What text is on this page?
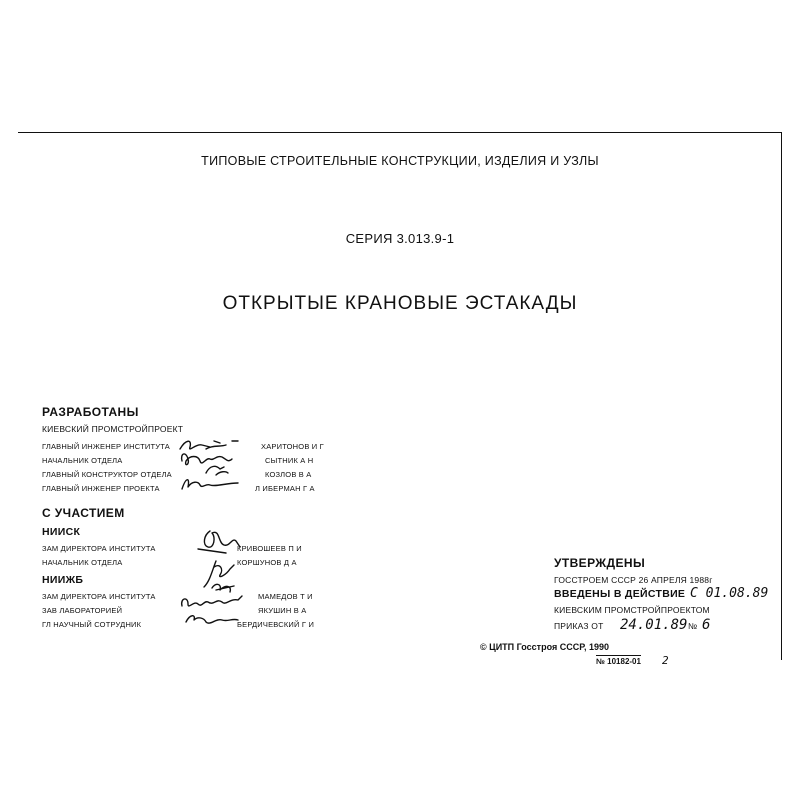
ТИПОВЫЕ СТРОИТЕЛЬНЫЕ КОНСТРУКЦИИ, ИЗДЕЛИЯ И УЗЛЫ
СЕРИЯ 3.013.9-1
ОТКРЫТЫЕ КРАНОВЫЕ ЭСТАКАДЫ
РАЗРАБОТАНЫ
КИЕВСКИЙ ПРОМСТРОЙПРОЕКТ
ГЛАВНЫЙ ИНЖЕНЕР ИНСТИТУТА	ХАРИТОНОВ И Г
НАЧАЛЬНИК ОТДЕЛА	СЫТНИК А Н
ГЛАВНЫЙ КОНСТРУКТОР ОТДЕЛА	КОЗЛОВ В А
ГЛАВНЫЙ ИНЖЕНЕР ПРОЕКТА	Л ИБЕРМАН Г А
С УЧАСТИЕМ
НИИСК
ЗАМ ДИРЕКТОРА ИНСТИТУТА	КРИВОШЕЕВ П И
НАЧАЛЬНИК ОТДЕЛА	КОРШУНОВ Д А
НИИЖБ
ЗАМ ДИРЕКТОРА ИНСТИТУТА	МАМЕДОВ Т И
ЗАВ ЛАБОРАТОРИЕЙ	ЯКУШИН В А
ГЛ НАУЧНЫЙ СОТРУДНИК	БЕРДИЧЕВСКИЙ Г И
УТВЕРЖДЕНЫ
ГОССТРОЕМ СССР 26 АПРЕЛЯ 1988г
ВВЕДЕНЫ В ДЕЙСТВИЕ С 01.08.89
КИЕВСКИМ ПРОМСТРОЙПРОЕКТОМ
ПРИКАЗ ОТ 24.01.89 № 6
© ЦИТП Госстроя СССР, 1990
№ 10182-01 2
